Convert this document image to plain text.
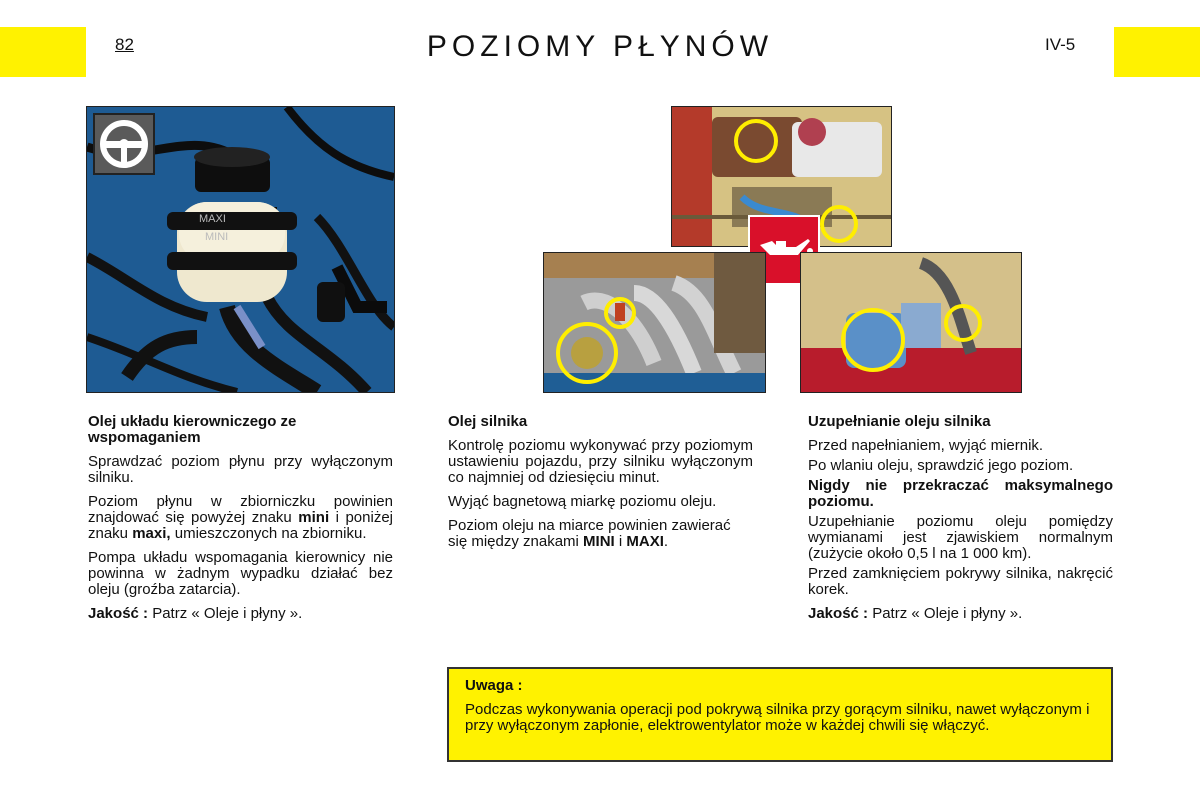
82	POZIOMY PŁYNÓW	IV-5
MAXI
MINI
Olej układu kierowniczego ze wspomaganiem

Sprawdzać poziom płynu przy wyłączonym silniku.

Poziom płynu w zbiorniczku powinien znajdować się powyżej znaku mini i poniżej znaku maxi, umieszczonych na zbiorniku.

Pompa układu wspomagania kierownicy nie powinna w żadnym wypadku działać bez oleju (groźba zatarcia).

Jakość : Patrz « Oleje i płyny ».

Olej silnika

Kontrolę poziomu wykonywać przy poziomym ustawieniu pojazdu, przy silniku wyłączonym co najmniej od dziesięciu minut.

Wyjąć bagnetową miarkę poziomu oleju.

Poziom oleju na miarce powinien zawierać się między znakami MINI i MAXI.

Uzupełnianie oleju silnika

Przed napełnianiem, wyjąć miernik.

Po wlaniu oleju, sprawdzić jego poziom.

Nigdy nie przekraczać maksymalnego poziomu.

Uzupełnianie poziomu oleju pomiędzy wymianami jest zjawiskiem normalnym (zużycie około 0,5 l na 1 000 km).

Przed zamknięciem pokrywy silnika, nakręcić korek.

Jakość : Patrz « Oleje i płyny ».

Uwaga :

Podczas wykonywania operacji pod pokrywą silnika przy gorącym silniku, nawet wyłączonym i przy wyłączonym zapłonie, elektrowentylator może w każdej chwili się włączyć.
